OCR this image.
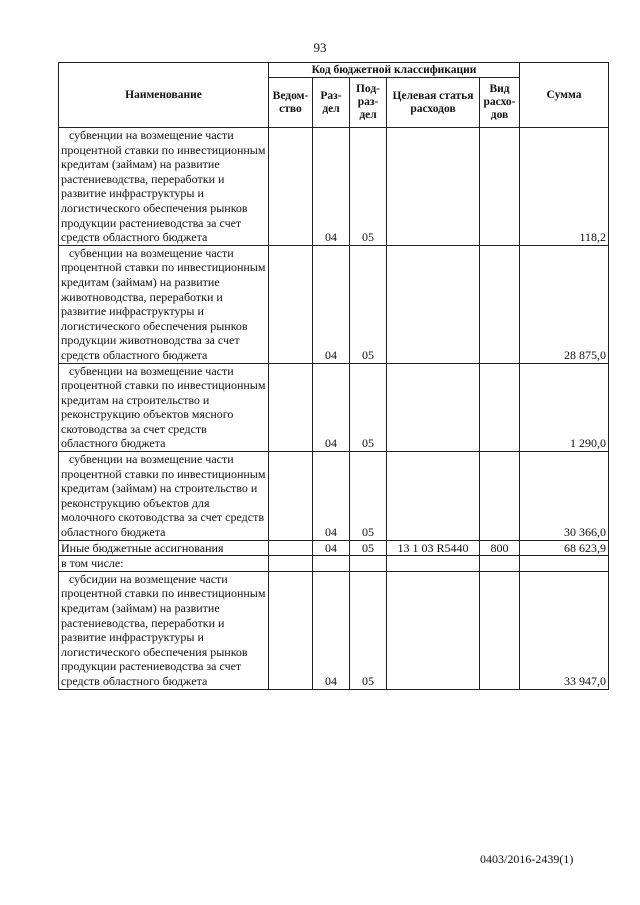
93
Наименование	Код бюджетной классификации					Сумма
	Ведом-ство	Раз-дел	Под-раз-дел	Целевая статья расходов	Вид расхо-дов	
субвенции на возмещение части процентной ставки по инвестиционным кредитам (займам) на развитие растениеводства, переработки и развитие инфраструктуры и логистического обеспечения рынков продукции растениеводства за счет средств областного бюджета		04	05			118,2
субвенции на возмещение части процентной ставки по инвестиционным кредитам (займам) на развитие животноводства, переработки и развитие инфраструктуры и логистического обеспечения рынков продукции животноводства за счет средств областного бюджета		04	05			28 875,0
субвенции на возмещение части процентной ставки по инвестиционным кредитам на строительство и реконструкцию объектов мясного скотоводства за счет средств областного бюджета		04	05			1 290,0
субвенции на возмещение части процентной ставки по инвестиционным кредитам (займам) на строительство и реконструкцию объектов для молочного скотоводства за счет средств областного бюджета		04	05			30 366,0
Иные бюджетные ассигнования		04	05	13 1 03 R5440	800	68 623,9
в том числе:						
субсидии на возмещение части процентной ставки по инвестиционным кредитам (займам) на развитие растениеводства, переработки и развитие инфраструктуры и логистического обеспечения рынков продукции растениеводства за счет средств областного бюджета		04	05			33 947,0
0403/2016-2439(1)
